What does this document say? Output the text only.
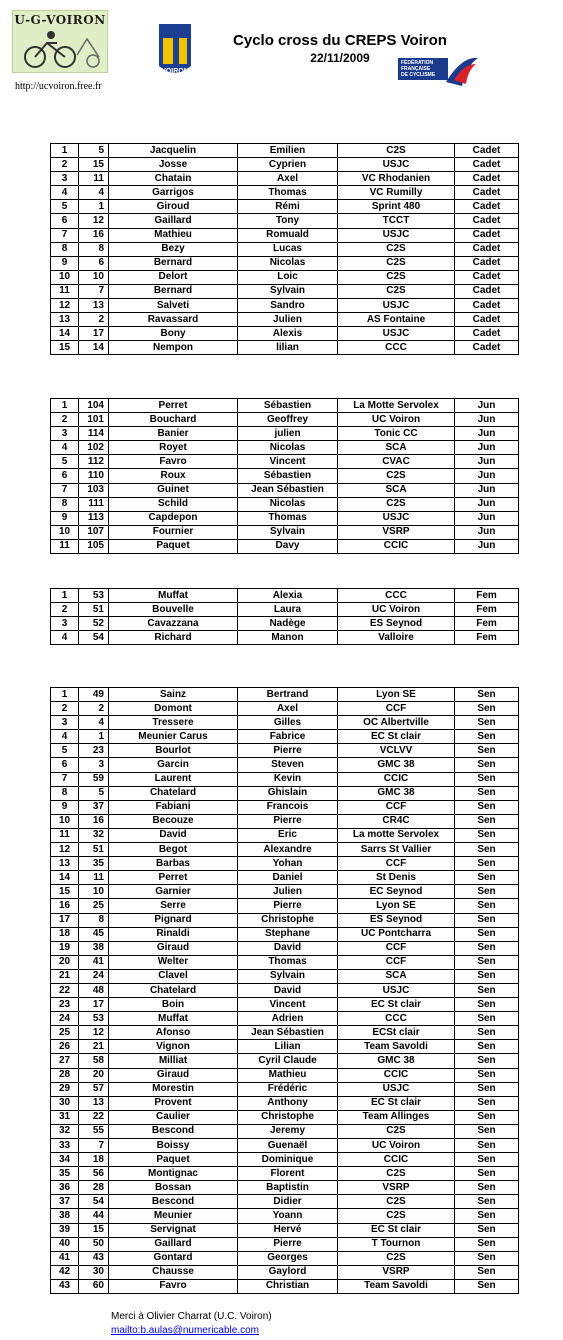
U-G-VOIRON
http://ucvoiron.free.fr
VOIRON
Cyclo cross du CREPS Voiron
22/11/2009	FÉDÉRATION
FRANÇAISE
DE CYCLISME
1	5	Jacquelin	Emilien	C2S	Cadet
2	15	Josse	Cyprien	USJC	Cadet
3	11	Chatain	Axel	VC Rhodanien	Cadet
4	4	Garrigos	Thomas	VC Rumilly	Cadet
5	1	Giroud	Rémi	Sprint 480	Cadet
6	12	Gaillard	Tony	TCCT	Cadet
7	16	Mathieu	Romuald	USJC	Cadet
8	8	Bezy	Lucas	C2S	Cadet
9	6	Bernard	Nicolas	C2S	Cadet
10	10	Delort	Loic	C2S	Cadet
11	7	Bernard	Sylvain	C2S	Cadet
12	13	Salveti	Sandro	USJC	Cadet
13	2	Ravassard	Julien	AS Fontaine	Cadet
14	17	Bony	Alexis	USJC	Cadet
15	14	Nempon	lilian	CCC	Cadet
1	104	Perret	Sébastien	La Motte Servolex	Jun
2	101	Bouchard	Geoffrey	UC Voiron	Jun
3	114	Banier	julien	Tonic CC	Jun
4	102	Royet	Nicolas	SCA	Jun
5	112	Favro	Vincent	CVAC	Jun
6	110	Roux	Sébastien	C2S	Jun
7	103	Guinet	Jean Sébastien	SCA	Jun
8	111	Schild	Nicolas	C2S	Jun
9	113	Capdepon	Thomas	USJC	Jun
10	107	Fournier	Sylvain	VSRP	Jun
11	105	Paquet	Davy	CCIC	Jun
1	53	Muffat	Alexia	CCC	Fem
2	51	Bouvelle	Laura	UC Voiron	Fem
3	52	Cavazzana	Nadège	ES Seynod	Fem
4	54	Richard	Manon	Valloire	Fem
1	49	Sainz	Bertrand	Lyon SE	Sen
2	2	Domont	Axel	CCF	Sen
3	4	Tressere	Gilles	OC Albertville	Sen
4	1	Meunier Carus	Fabrice	EC St clair	Sen
5	23	Bourlot	Pierre	VCLVV	Sen
6	3	Garcin	Steven	GMC 38	Sen
7	59	Laurent	Kevin	CCIC	Sen
8	5	Chatelard	Ghislain	GMC 38	Sen
9	37	Fabiani	Francois	CCF	Sen
10	16	Becouze	Pierre	CR4C	Sen
11	32	David	Eric	La motte Servolex	Sen
12	51	Begot	Alexandre	Sarrs St Vallier	Sen
13	35	Barbas	Yohan	CCF	Sen
14	11	Perret	Daniel	St Denis	Sen
15	10	Garnier	Julien	EC Seynod	Sen
16	25	Serre	Pierre	Lyon SE	Sen
17	8	Pignard	Christophe	ES Seynod	Sen
18	45	Rinaldi	Stephane	UC Pontcharra	Sen
19	38	Giraud	David	CCF	Sen
20	41	Welter	Thomas	CCF	Sen
21	24	Clavel	Sylvain	SCA	Sen
22	48	Chatelard	David	USJC	Sen
23	17	Boin	Vincent	EC St clair	Sen
24	53	Muffat	Adrien	CCC	Sen
25	12	Afonso	Jean Sébastien	ECSt clair	Sen
26	21	Vignon	Lilian	Team Savoldi	Sen
27	58	Milliat	Cyril Claude	GMC 38	Sen
28	20	Giraud	Mathieu	CCIC	Sen
29	57	Morestin	Frédéric	USJC	Sen
30	13	Provent	Anthony	EC St clair	Sen
31	22	Caulier	Christophe	Team Allinges	Sen
32	55	Bescond	Jeremy	C2S	Sen
33	7	Boissy	Guenaël	UC Voiron	Sen
34	18	Paquet	Dominique	CCIC	Sen
35	56	Montignac	Florent	C2S	Sen
36	28	Bossan	Baptistin	VSRP	Sen
37	54	Bescond	Didier	C2S	Sen
38	44	Meunier	Yoann	C2S	Sen
39	15	Servignat	Hervé	EC St clair	Sen
40	50	Gaillard	Pierre	T Tournon	Sen
41	43	Gontard	Georges	C2S	Sen
42	30	Chausse	Gaylord	VSRP	Sen
43	60	Favro	Christian	Team Savoldi	Sen
Merci à Olivier Charrat (U.C. Voiron)
mailto:b.aulas@numericable.com
